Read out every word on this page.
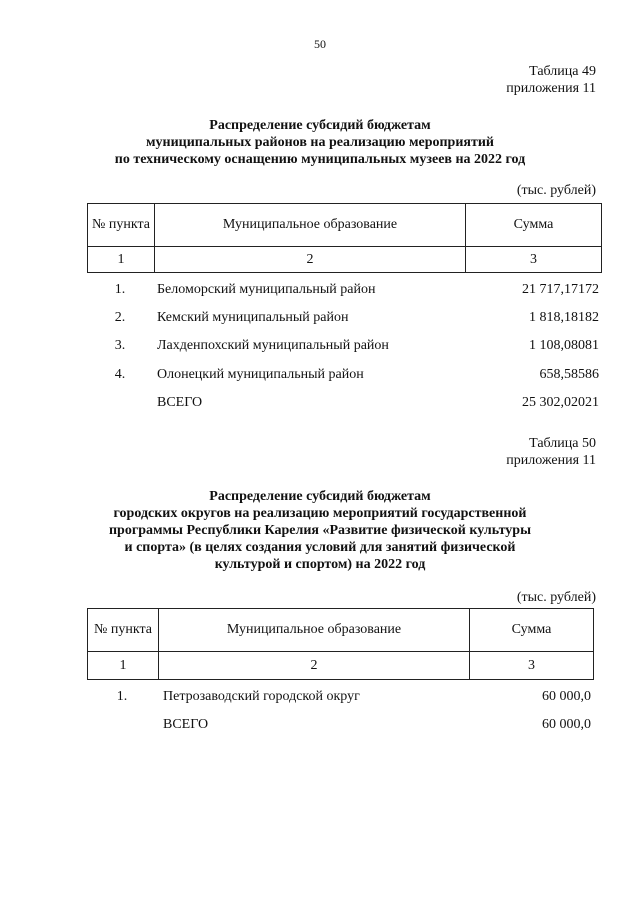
50
Таблица 49
приложения 11
Распределение субсидий бюджетам
муниципальных районов на реализацию мероприятий
по техническому оснащению муниципальных музеев на 2022 год
(тыс. рублей)
№ пункта	Муниципальное образование	Сумма
1	2	3
1.	Беломорский муниципальный район	21 717,17172
2.	Кемский муниципальный район	1 818,18182
3.	Лахденпохский муниципальный район	1 108,08081
4.	Олонецкий муниципальный район	658,58586
ВСЕГО	25 302,02021
Таблица 50
приложения 11
Распределение субсидий бюджетам
городских округов на реализацию мероприятий государственной
программы Республики Карелия «Развитие физической культуры
и спорта» (в целях создания условий для занятий физической
культурой и спортом) на 2022 год
(тыс. рублей)
№ пункта	Муниципальное образование	Сумма
1	2	3
1.	Петрозаводский городской округ	60 000,0
ВСЕГО	60 000,0
